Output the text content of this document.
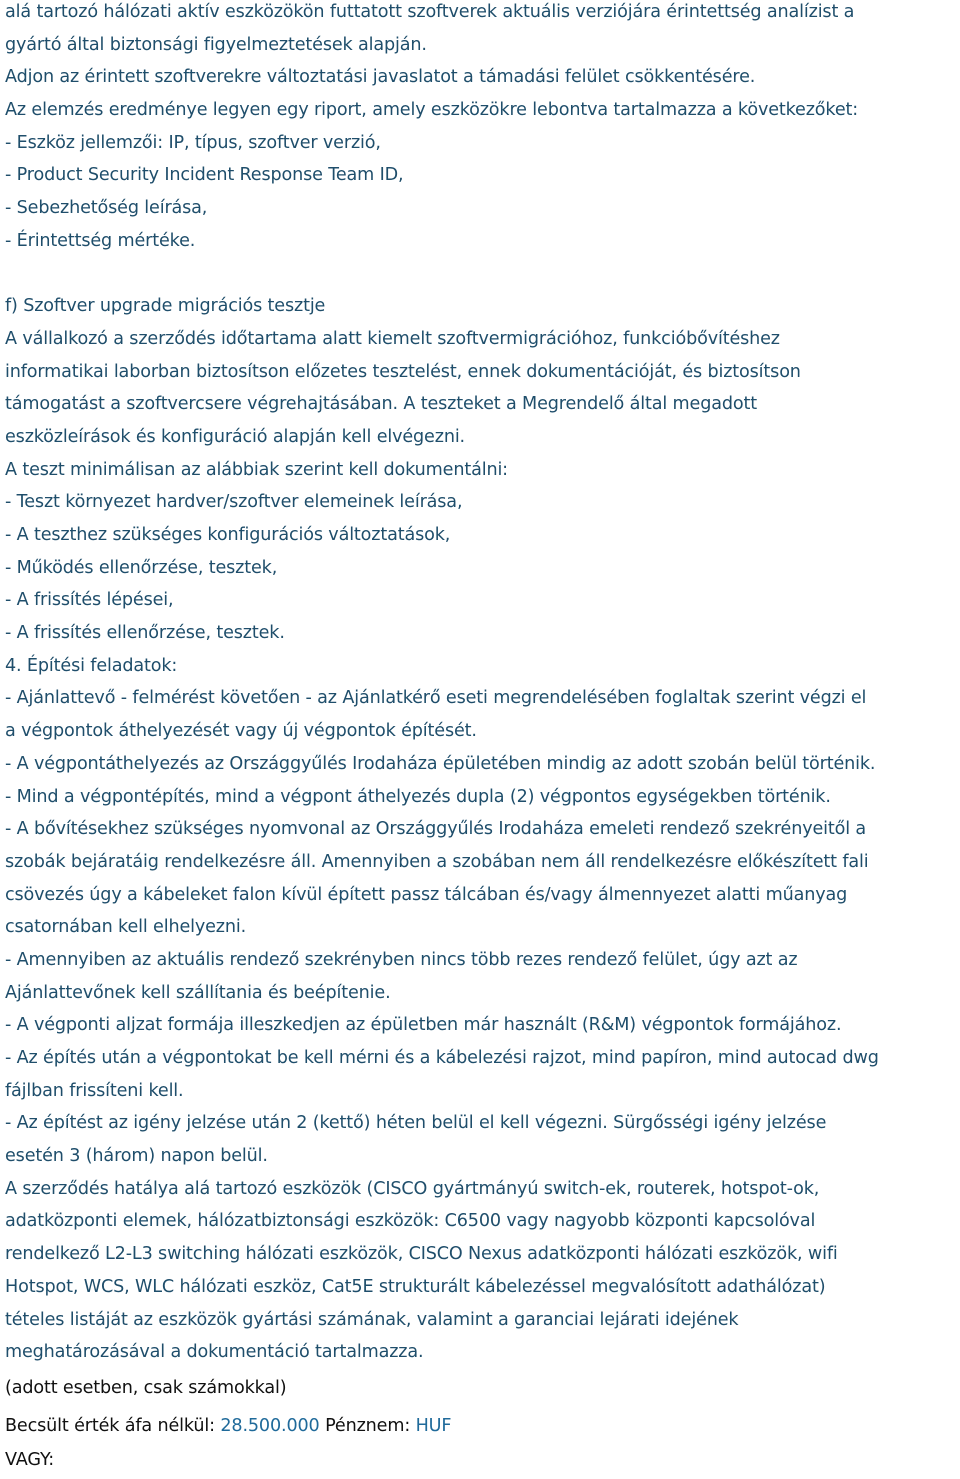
alá tartozó hálózati aktív eszközökön futtatott szoftverek aktuális verziójára érintettség analízist a
gyártó által biztonsági figyelmeztetések alapján.
Adjon az érintett szoftverekre változtatási javaslatot a támadási felület csökkentésére.
Az elemzés eredménye legyen egy riport, amely eszközökre lebontva tartalmazza a következőket:
- Eszköz jellemzői: IP, típus, szoftver verzió,
- Product Security Incident Response Team ID,
- Sebezhetőség leírása,
- Érintettség mértéke.
f) Szoftver upgrade migrációs tesztje
A vállalkozó a szerződés időtartama alatt kiemelt szoftvermigrációhoz, funkcióbővítéshez
informatikai laborban biztosítson előzetes tesztelést, ennek dokumentációját, és biztosítson
támogatást a szoftvercsere végrehajtásában. A teszteket a Megrendelő által megadott
eszközleírások és konfiguráció alapján kell elvégezni.
A teszt minimálisan az alábbiak szerint kell dokumentálni:
- Teszt környezet hardver/szoftver elemeinek leírása,
- A teszthez szükséges konfigurációs változtatások,
- Működés ellenőrzése, tesztek,
- A frissítés lépései,
- A frissítés ellenőrzése, tesztek.
4. Építési feladatok:
- Ajánlattevő - felmérést követően - az Ajánlatkérő eseti megrendelésében foglaltak szerint végzi el
a végpontok áthelyezését vagy új végpontok építését.
- A végpontáthelyezés az Országgyűlés Irodaháza épületében mindig az adott szobán belül történik.
- Mind a végpontépítés, mind a végpont áthelyezés dupla (2) végpontos egységekben történik.
- A bővítésekhez szükséges nyomvonal az Országgyűlés Irodaháza emeleti rendező szekrényeitől a
szobák bejáratáig rendelkezésre áll. Amennyiben a szobában nem áll rendelkezésre előkészített fali
csövezés úgy a kábeleket falon kívül épített passz tálcában és/vagy álmennyezet alatti műanyag
csatornában kell elhelyezni.
- Amennyiben az aktuális rendező szekrényben nincs több rezes rendező felület, úgy azt az
Ajánlattevőnek kell szállítania és beépítenie.
- A végponti aljzat formája illeszkedjen az épületben már használt (R&M) végpontok formájához.
- Az építés után a végpontokat be kell mérni és a kábelezési rajzot, mind papíron, mind autocad dwg
fájlban frissíteni kell.
- Az építést az igény jelzése után 2 (kettő) héten belül el kell végezni. Sürgősségi igény jelzése
esetén 3 (három) napon belül.
A szerződés hatálya alá tartozó eszközök (CISCO gyártmányú switch-ek, routerek, hotspot-ok,
adatközponti elemek, hálózatbiztonsági eszközök: C6500 vagy nagyobb központi kapcsolóval
rendelkező L2-L3 switching hálózati eszközök, CISCO Nexus adatközponti hálózati eszközök, wifi
Hotspot, WCS, WLC hálózati eszköz, Cat5E strukturált kábelezéssel megvalósított adathálózat)
tételes listáját az eszközök gyártási számának, valamint a garanciai lejárati idejének
meghatározásával a dokumentáció tartalmazza.
(adott esetben, csak számokkal)
Becsült érték áfa nélkül: 28.500.000 Pénznem: HUF
VAGY:
